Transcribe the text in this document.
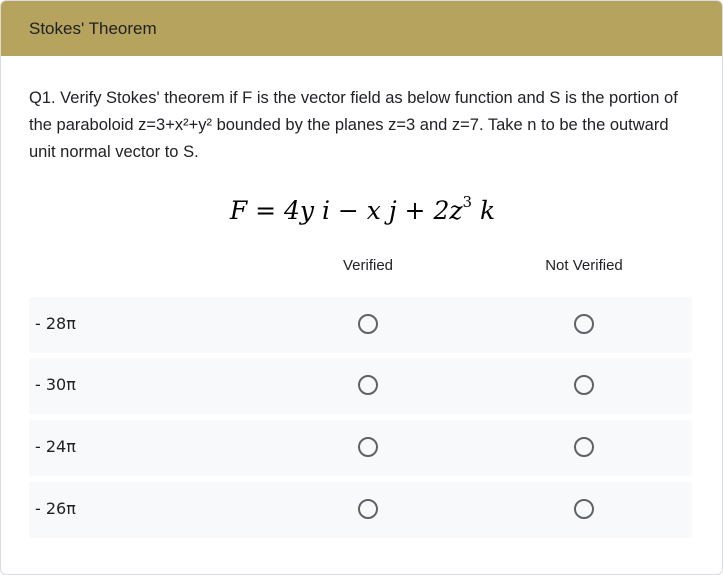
Stokes' Theorem
Q1. Verify Stokes' theorem if F is the vector field as below function and S is the portion of the paraboloid z=3+x²+y² bounded by the planes z=3 and z=7. Take n to be the outward unit normal vector to S.
F = 4y i − x $j + 2z^3$ k
Verified	Not Verified
- 28π
- 30π
- 24π
- 26π
